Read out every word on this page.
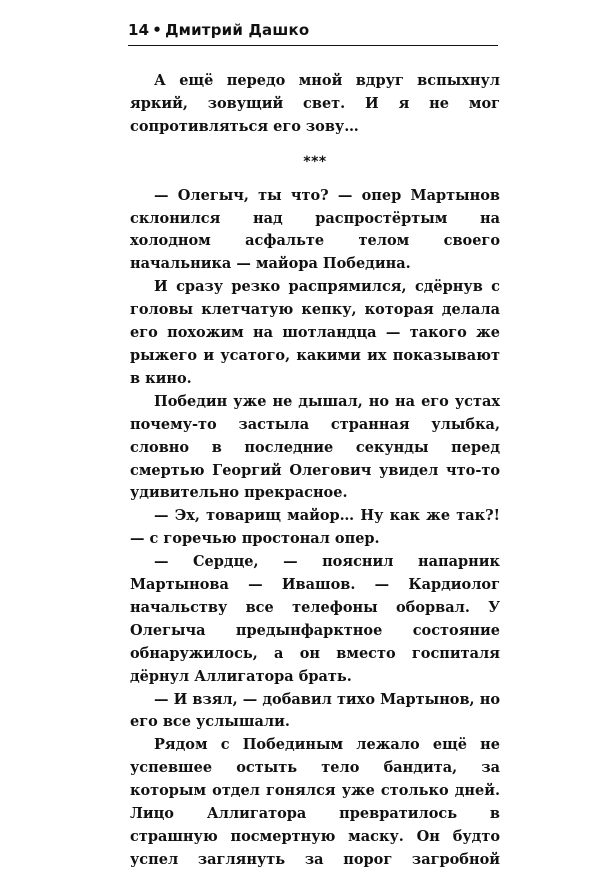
14 • Дмитрий Дашко

А ещё передо мной вдруг вспыхнул яркий, зовущий свет. И я не мог сопротивляться его зову…

***

— Олегыч, ты что? — опер Мартынов склонился над распростёртым на холодном асфальте телом своего начальника — майора Победина.

И сразу резко распрямился, сдёрнув с головы клетчатую кепку, которая делала его похожим на шотландца — такого же рыжего и усатого, какими их показывают в кино.

Победин уже не дышал, но на его устах почему-то застыла странная улыбка, словно в последние секунды перед смертью Георгий Олегович увидел что-то удивительно прекрасное.

— Эх, товарищ майор… Ну как же так?! — с горечью простонал опер.

— Сердце, — пояснил напарник Мартынова — Ивашов. — Кардиолог начальству все телефоны оборвал. У Олегыча предынфарктное состояние обнаружилось, а он вместо госпиталя дёрнул Аллигатора брать.

— И взял, — добавил тихо Мартынов, но его все услышали.

Рядом с Побединым лежало ещё не успевшее остыть тело бандита, за которым отдел гонялся уже столько дней. Лицо Аллигатора превратилось в страшную посмертную маску. Он будто успел заглянуть за порог загробной
